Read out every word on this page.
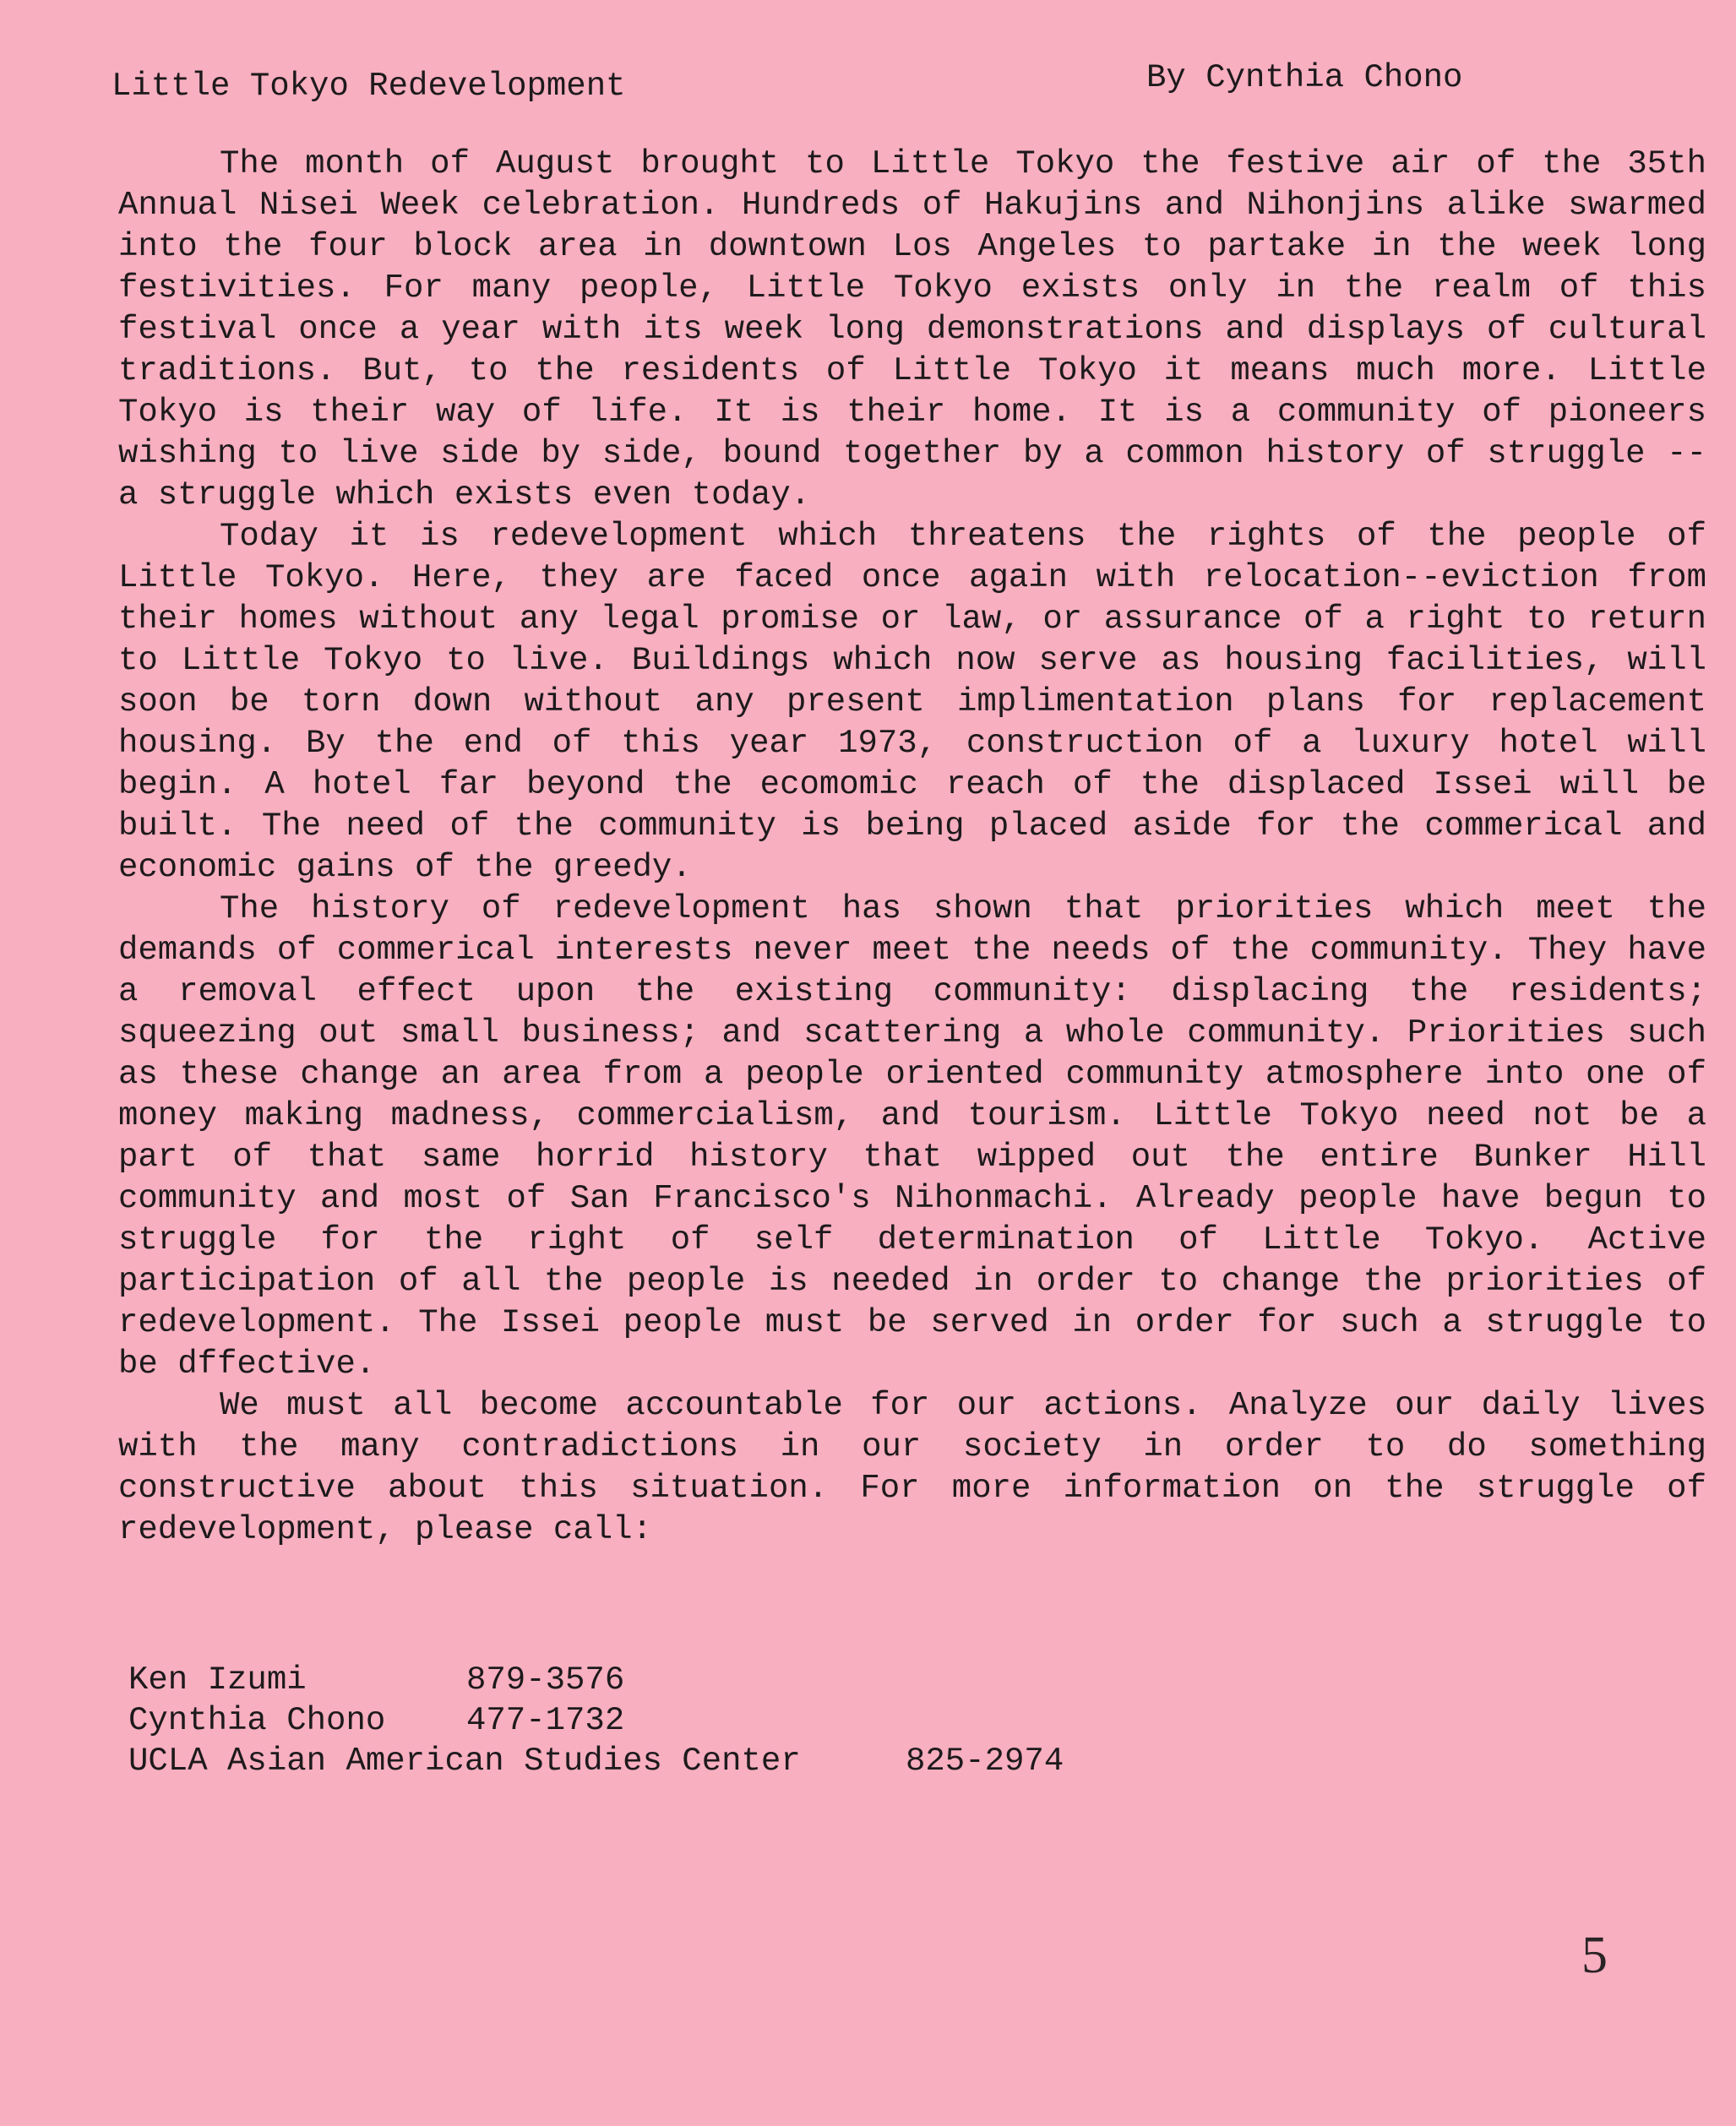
Little Tokyo Redevelopment	By Cynthia Chono

The month of August brought to Little Tokyo the festive air of the 35th Annual Nisei Week celebration. Hundreds of Hakujins and Nihonjins alike swarmed into the four block area in downtown Los Angeles to partake in the week long festivities. For many people, Little Tokyo exists only in the realm of this festival once a year with its week long demonstrations and displays of cultural traditions. But, to the residents of Little Tokyo it means much more. Little Tokyo is their way of life. It is their home. It is a community of pioneers wishing to live side by side, bound together by a common history of struggle -- a struggle which exists even today.

Today it is redevelopment which threatens the rights of the people of Little Tokyo. Here, they are faced once again with relocation--eviction from their homes without any legal promise or law, or assurance of a right to return to Little Tokyo to live. Buildings which now serve as housing facilities, will soon be torn down without any present implimentation plans for replacement housing. By the end of this year 1973, construction of a luxury hotel will begin. A hotel far beyond the ecomomic reach of the displaced Issei will be built. The need of the community is being placed aside for the commerical and economic gains of the greedy.

The history of redevelopment has shown that priorities which meet the demands of commerical interests never meet the needs of the community. They have a removal effect upon the existing community: displacing the residents; squeezing out small business; and scattering a whole community. Priorities such as these change an area from a people oriented community atmosphere into one of money making madness, commercialism, and tourism. Little Tokyo need not be a part of that same horrid history that wipped out the entire Bunker Hill community and most of San Francisco's Nihonmachi. Already people have begun to struggle for the right of self determination of Little Tokyo. Active participation of all the people is needed in order to change the priorities of redevelopment. The Issei people must be served in order for such a struggle to be dffective.

We must all become accountable for our actions. Analyze our daily lives with the many contradictions in our society in order to do something constructive about this situation. For more information on the struggle of redevelopment, please call:

Ken Izumi	879-3576
Cynthia Chono	477-1732
UCLA Asian American Studies Center	825-2974
5
